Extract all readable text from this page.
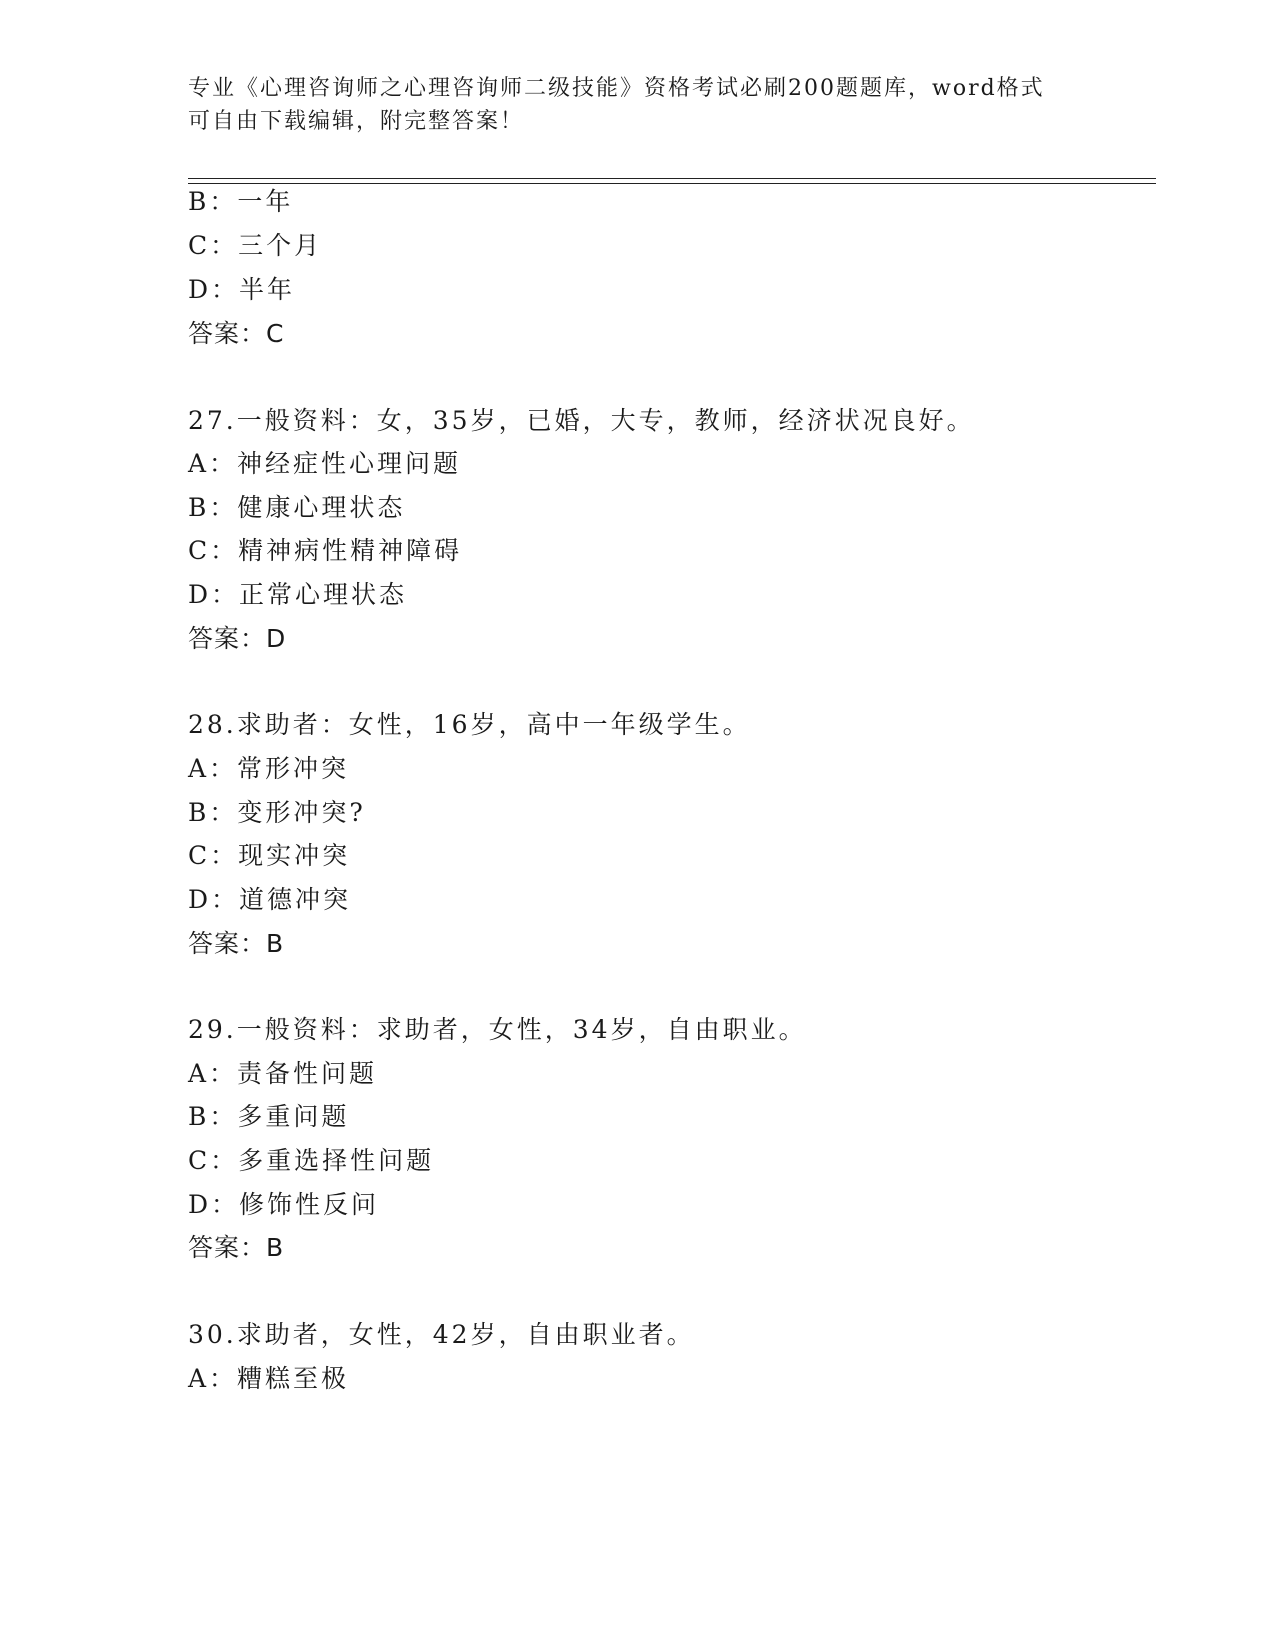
专业《心理咨询师之心理咨询师二级技能》资格考试必刷200题题库，word格式
可自由下载编辑，附完整答案！
B：一年
C：三个月
D：半年
答案：C
27.一般资料：女，35岁，已婚，大专，教师，经济状况良好。
A：神经症性心理问题
B：健康心理状态
C：精神病性精神障碍
D：正常心理状态
答案：D
28.求助者：女性，16岁，高中一年级学生。
A：常形冲突
B：变形冲突?
C：现实冲突
D：道德冲突
答案：B
29.一般资料：求助者，女性，34岁，自由职业。
A：责备性问题
B：多重问题
C：多重选择性问题
D：修饰性反问
答案：B
30.求助者，女性，42岁，自由职业者。
A：糟糕至极
